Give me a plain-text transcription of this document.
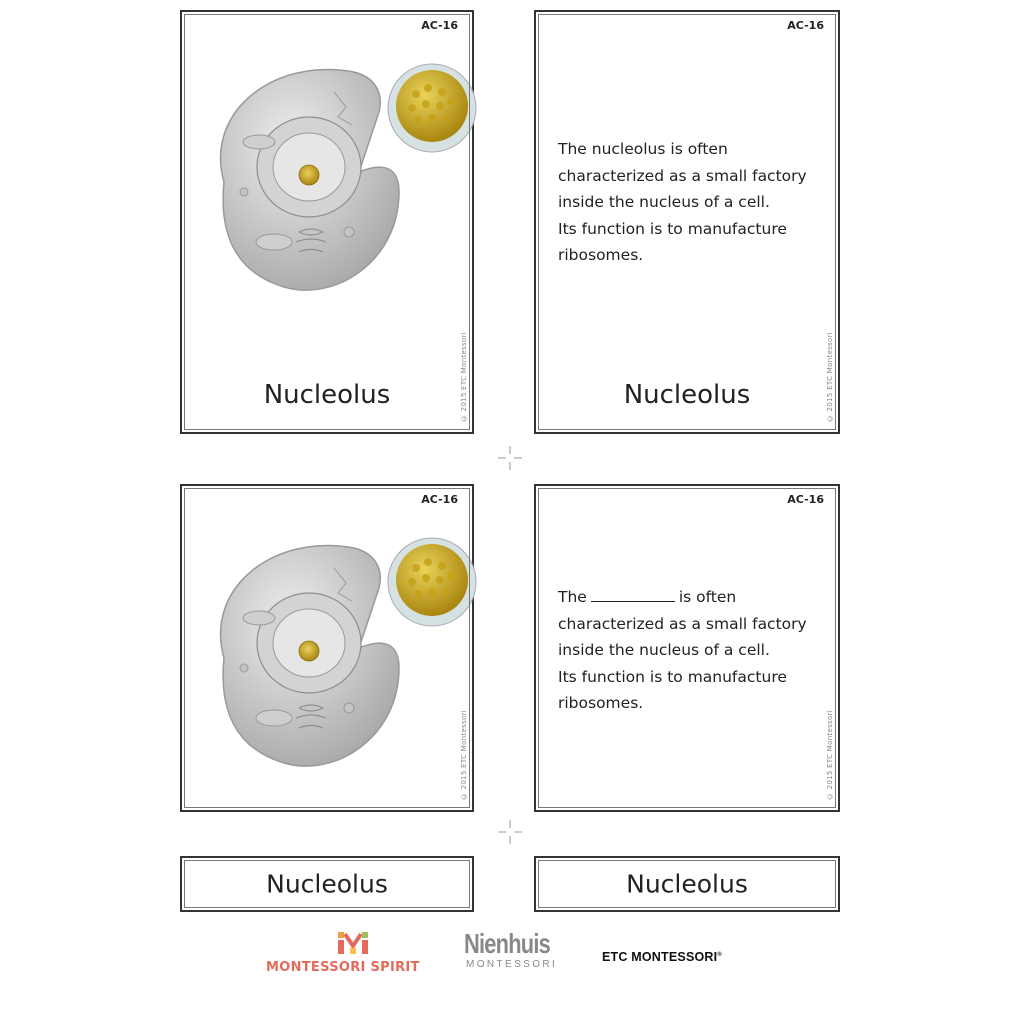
AC-16
Nucleolus	© 2015 ETC Montessori
AC-16

The nucleolus is often

characterized as a small factory

inside the nucleus of a cell.

Its function is to manufacture

ribosomes.

Nucleolus	© 2015 ETC Montessori
AC-16
© 2015 ETC Montessori
AC-16

The	is often

characterized as a small factory

inside the nucleus of a cell.

Its function is to manufacture

ribosomes.

© 2015 ETC Montessori
Nucleolus	Nucleolus
MONTESSORI SPIRIT
Nienhuis
MONTESSORI
ETC MONTESSORI®
